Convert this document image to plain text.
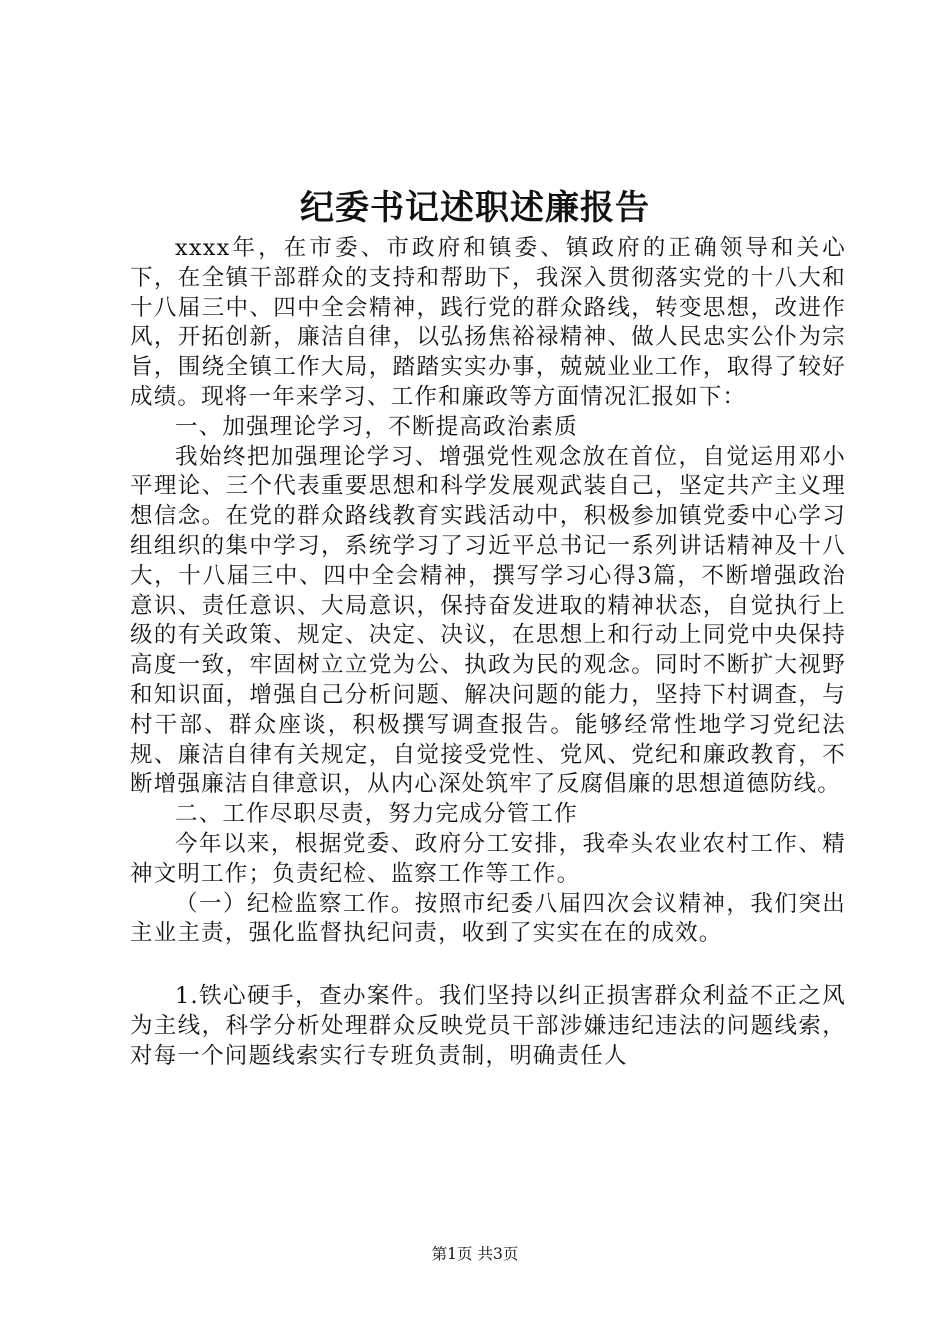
纪委书记述职述廉报告

xxxx年，在市委、市政府和镇委、镇政府的正确领导和关心下，在全镇干部群众的支持和帮助下，我深入贯彻落实党的十八大和十八届三中、四中全会精神，践行党的群众路线，转变思想，改进作风，开拓创新，廉洁自律，以弘扬焦裕禄精神、做人民忠实公仆为宗旨，围绕全镇工作大局，踏踏实实办事，兢兢业业工作，取得了较好成绩。现将一年来学习、工作和廉政等方面情况汇报如下：

一、加强理论学习，不断提高政治素质

我始终把加强理论学习、增强党性观念放在首位，自觉运用邓小平理论、三个代表重要思想和科学发展观武装自己，坚定共产主义理想信念。在党的群众路线教育实践活动中，积极参加镇党委中心学习组组织的集中学习，系统学习了习近平总书记一系列讲话精神及十八大，十八届三中、四中全会精神，撰写学习心得3篇，不断增强政治意识、责任意识、大局意识，保持奋发进取的精神状态，自觉执行上级的有关政策、规定、决定、决议，在思想上和行动上同党中央保持高度一致，牢固树立立党为公、执政为民的观念。同时不断扩大视野和知识面，增强自己分析问题、解决问题的能力，坚持下村调查，与村干部、群众座谈，积极撰写调查报告。能够经常性地学习党纪法规、廉洁自律有关规定，自觉接受党性、党风、党纪和廉政教育，不断增强廉洁自律意识，从内心深处筑牢了反腐倡廉的思想道德防线。

二、工作尽职尽责，努力完成分管工作

今年以来，根据党委、政府分工安排，我牵头农业农村工作、精神文明工作；负责纪检、监察工作等工作。

（一）纪检监察工作。按照市纪委八届四次会议精神，我们突出主业主责，强化监督执纪问责，收到了实实在在的成效。

1.铁心硬手，查办案件。我们坚持以纠正损害群众利益不正之风为主线，科学分析处理群众反映党员干部涉嫌违纪违法的问题线索，对每一个问题线索实行专班负责制，明确责任人

第1页 共3页
